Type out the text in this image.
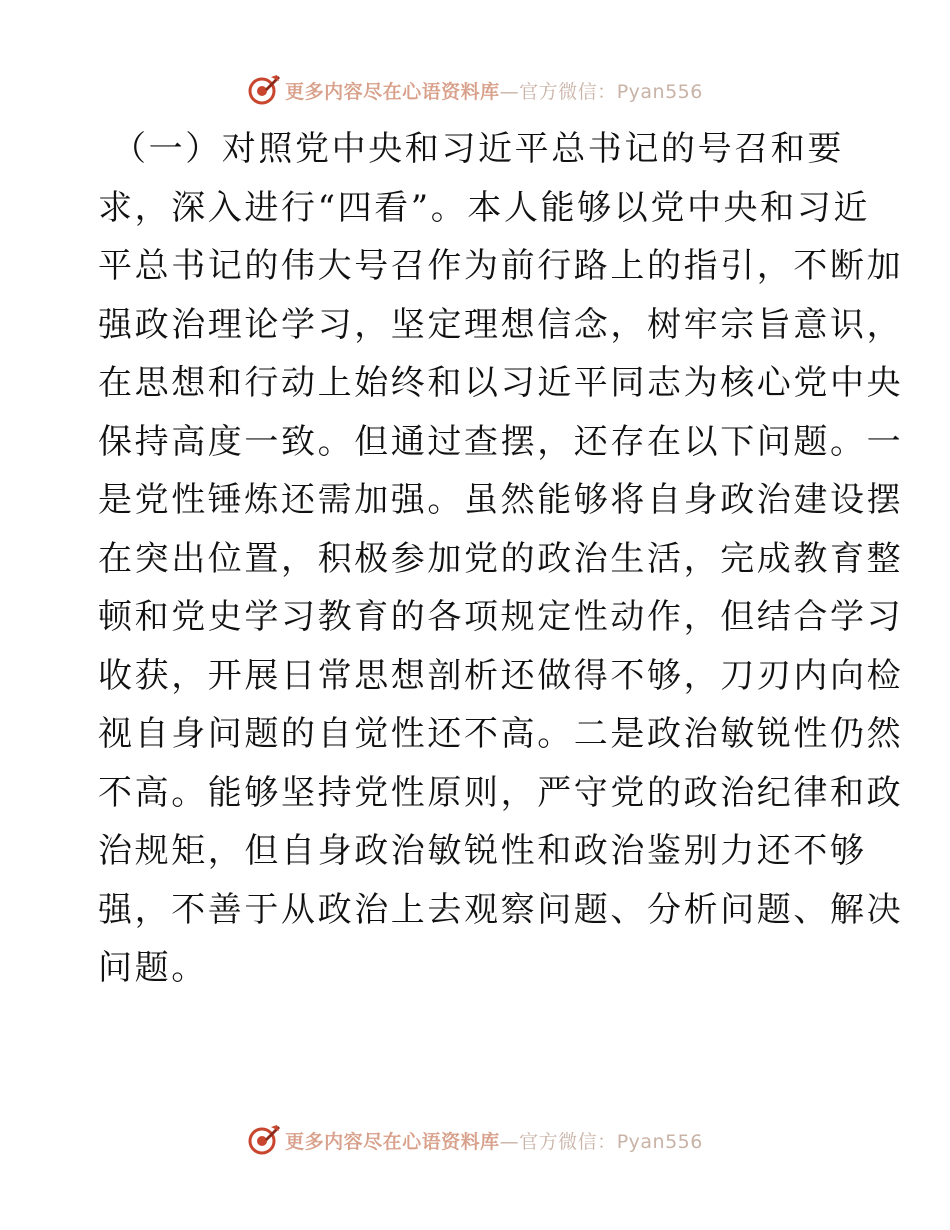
更多内容尽在心语资料库—官方微信：Pyan556
（一）对照党中央和习近平总书记的号召和要
求，深入进行“四看”。本人能够以党中央和习近
平总书记的伟大号召作为前行路上的指引，不断加
强政治理论学习，坚定理想信念，树牢宗旨意识，
在思想和行动上始终和以习近平同志为核心党中央
保持高度一致。但通过查摆，还存在以下问题。一
是党性锤炼还需加强。虽然能够将自身政治建设摆
在突出位置，积极参加党的政治生活，完成教育整
顿和党史学习教育的各项规定性动作，但结合学习
收获，开展日常思想剖析还做得不够，刀刃内向检
视自身问题的自觉性还不高。二是政治敏锐性仍然
不高。能够坚持党性原则，严守党的政治纪律和政
治规矩，但自身政治敏锐性和政治鉴别力还不够
强，不善于从政治上去观察问题、分析问题、解决
问题。
更多内容尽在心语资料库—官方微信：Pyan556
